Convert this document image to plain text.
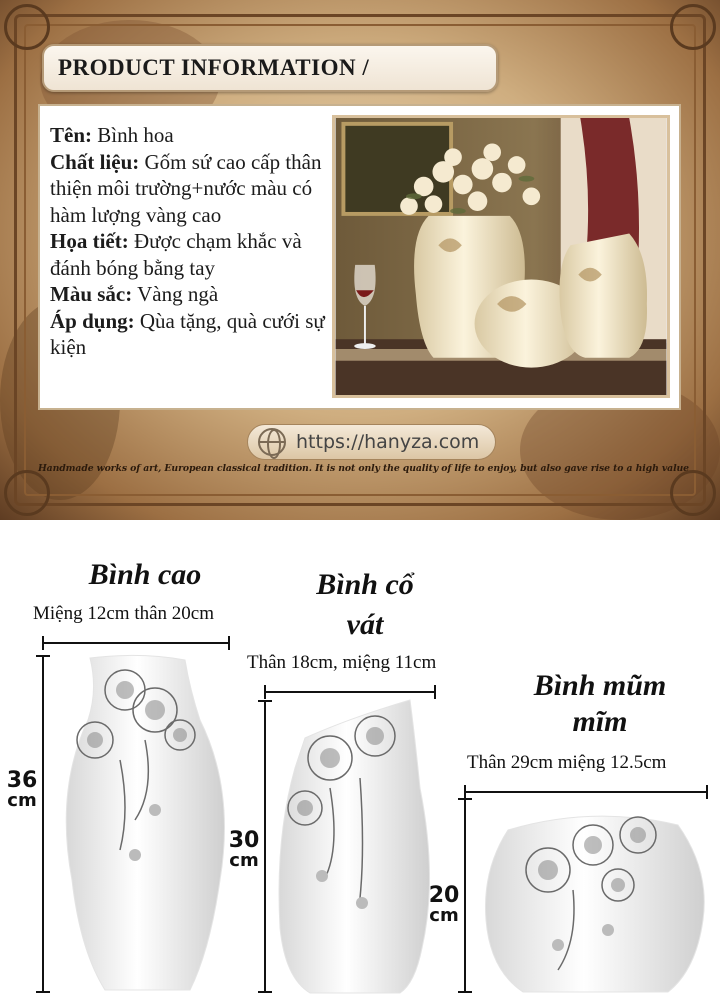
PRODUCT INFORMATION /
Tên: Bình hoa
Chất liệu: Gốm sứ cao cấp thân thiện môi trường+nước màu có hàm lượng vàng cao
Họa tiết: Được chạm khắc và đánh bóng bằng tay
Màu sắc: Vàng ngà
Áp dụng: Qùa tặng, quà cưới sự kiện
https://hanyza.com
Handmade works of art, European classical tradition. It is not only the quality of life to enjoy, but also gave rise to a high value
Bình cao
Miệng 12cm thân 20cm
36
cm
Bình cổ
vát
Thân 18cm, miệng 11cm
30
cm
Bình mũm
mĩm
Thân 29cm miệng 12.5cm
20
cm
